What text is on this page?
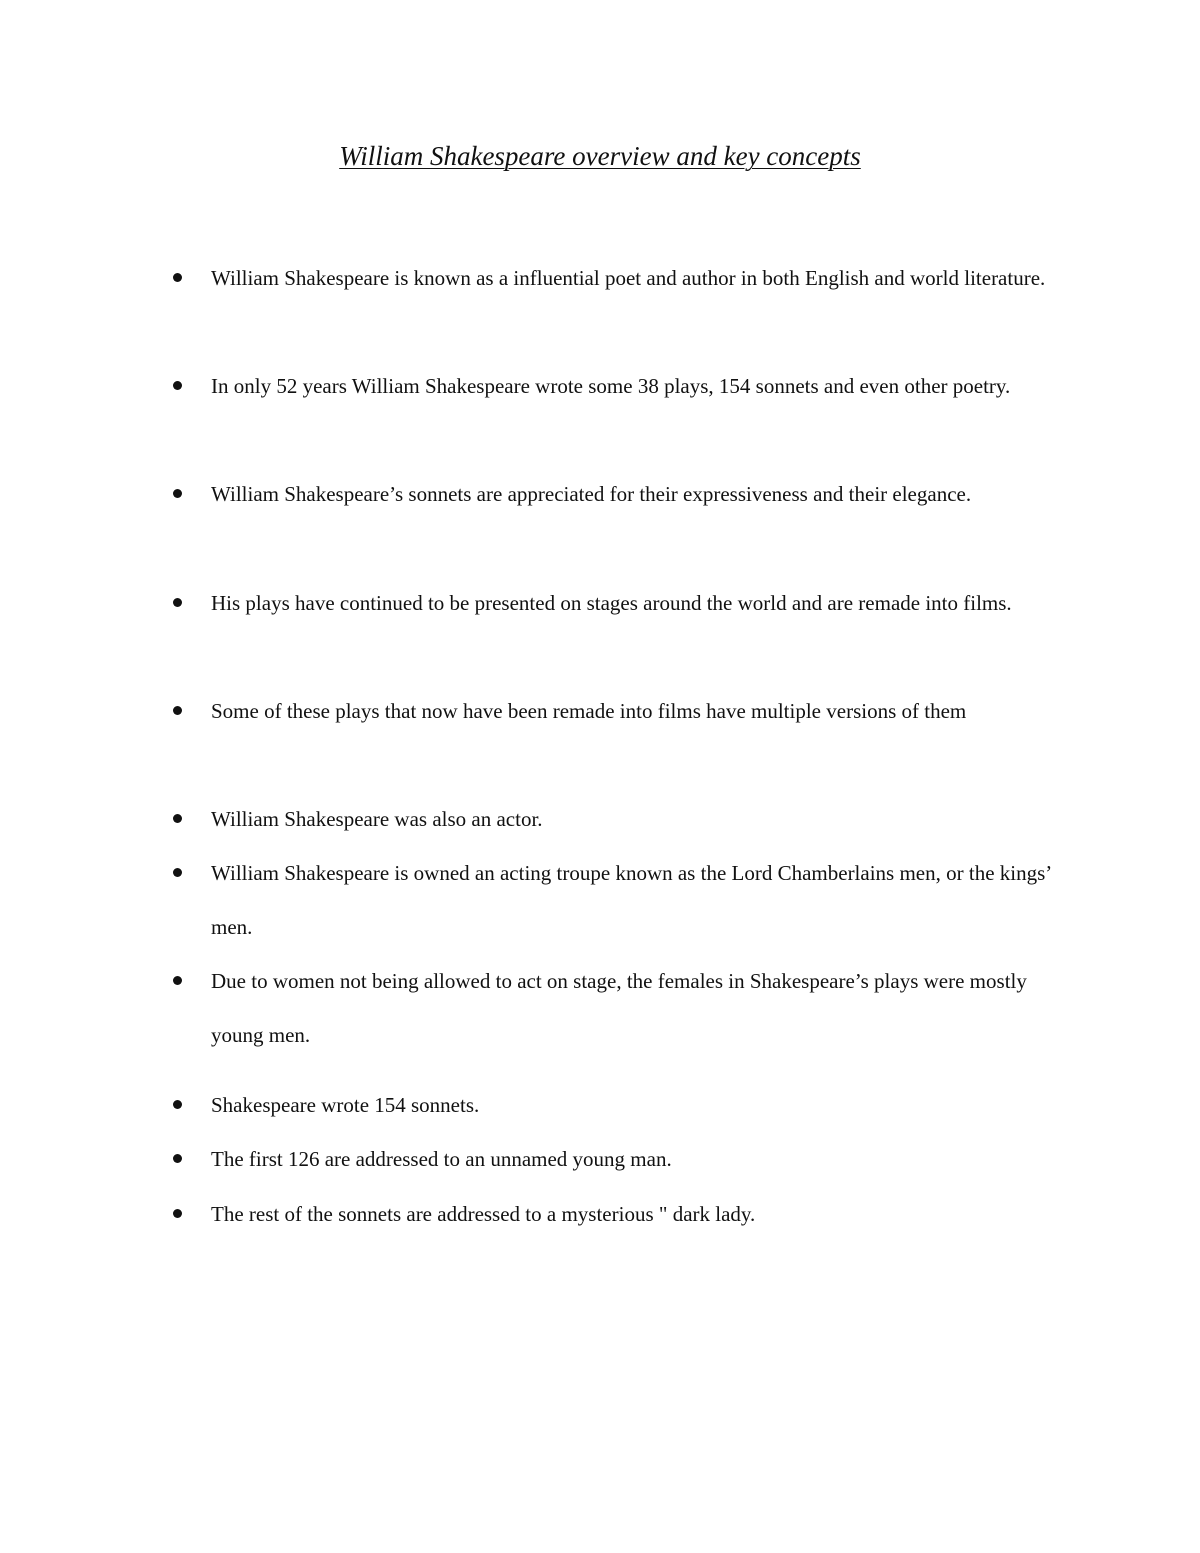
William Shakespeare overview and key concepts
William Shakespeare is known as a influential poet and author in both English and world literature.
In only 52 years William Shakespeare wrote some 38 plays, 154 sonnets and even other poetry.
William Shakespeare’s sonnets are appreciated for their expressiveness and their elegance.
His plays have continued to be presented on stages around the world and are remade into films.
Some of these plays that now have been remade into films have multiple versions of them
William Shakespeare was also an actor.
William Shakespeare is owned an acting troupe known as the Lord Chamberlains men, or the kings’ men.
Due to women not being allowed to act on stage, the females in Shakespeare’s plays were mostly young men.
Shakespeare wrote 154 sonnets.
The first 126 are addressed to an unnamed young man.
The rest of the sonnets are addressed to a mysterious " dark lady.
